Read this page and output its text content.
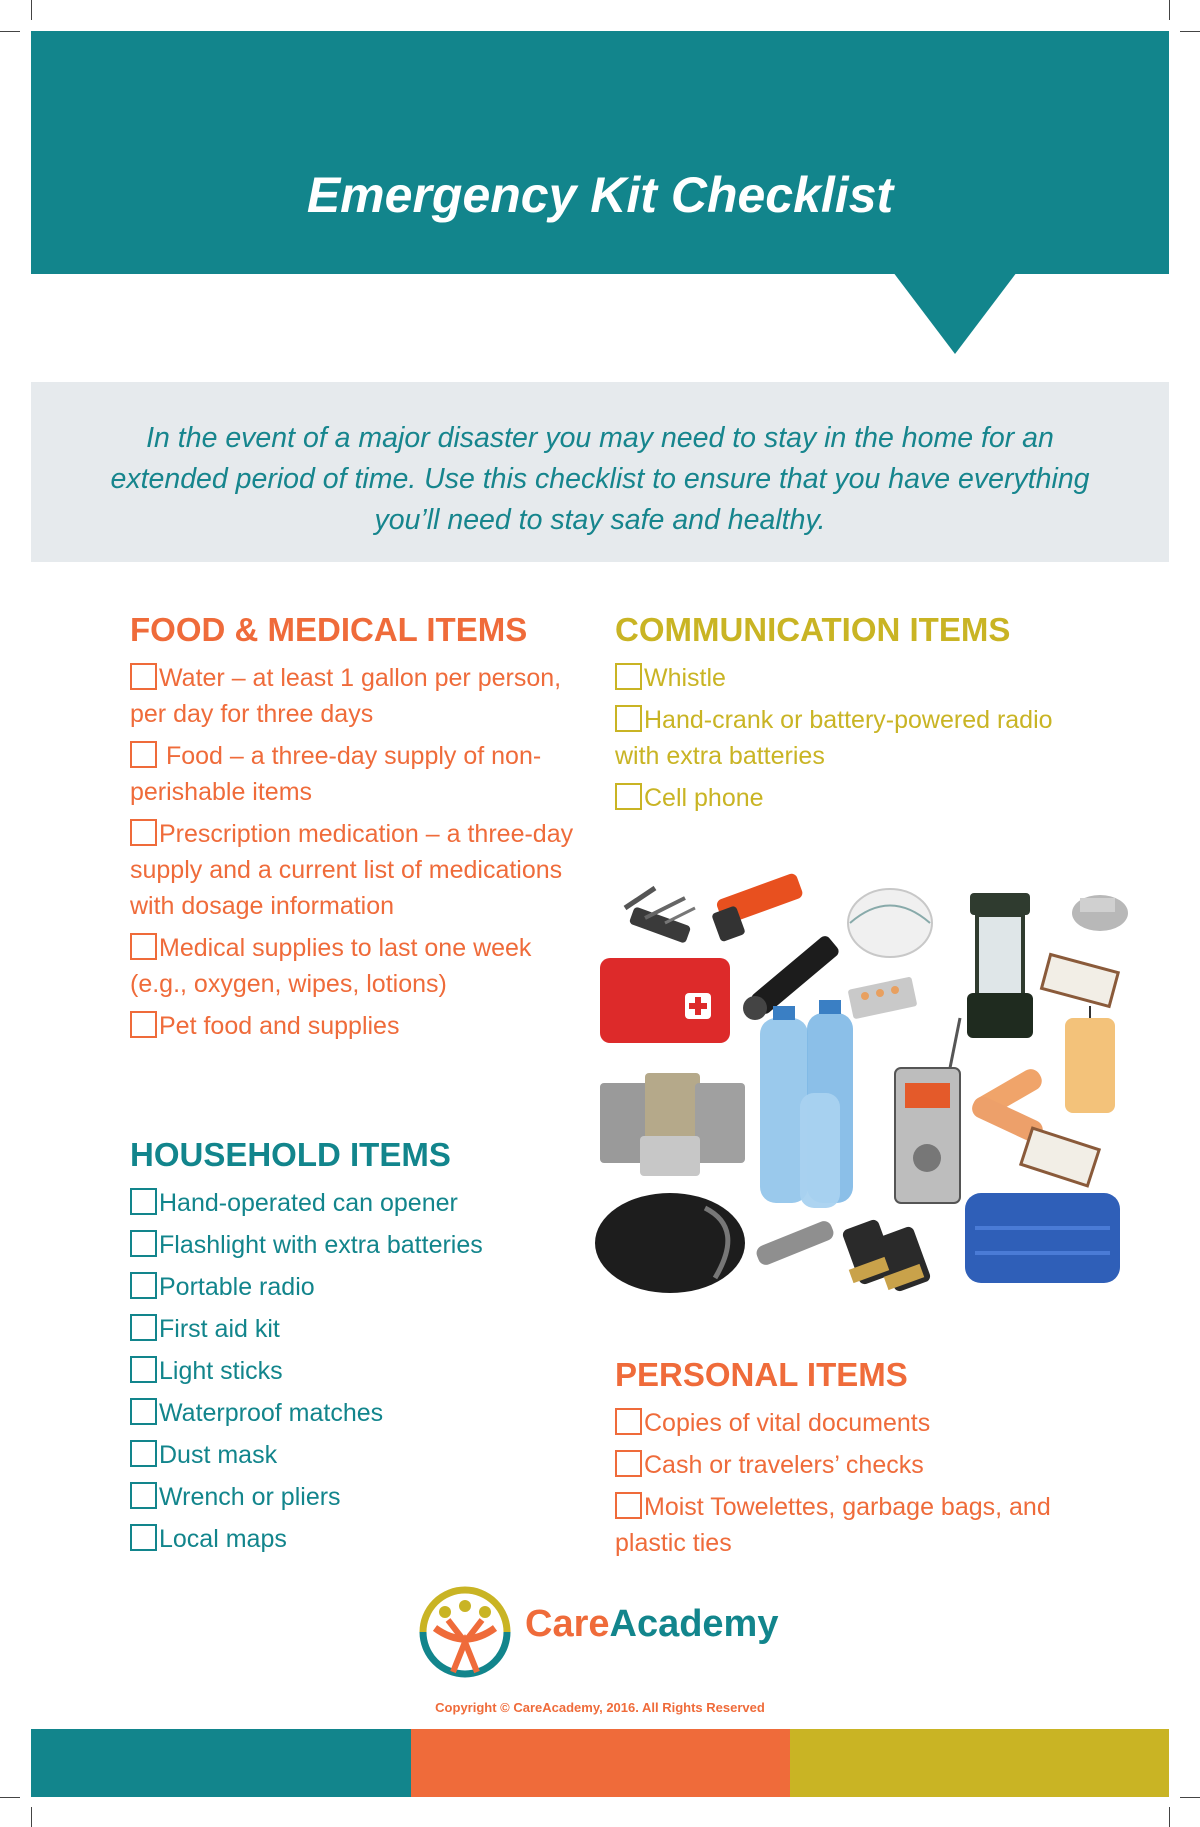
Emergency Kit Checklist

In the event of a major disaster you may need to stay in the home for an extended period of time. Use this checklist to ensure that you have everything you’ll need to stay safe and healthy.

FOOD & MEDICAL ITEMS
Water – at least 1 gallon per person, per day for three days
Food – a three-day supply of non-perishable items
Prescription medication – a three-day supply and a current list of medications with dosage information
Medical supplies to last one week (e.g., oxygen, wipes, lotions)
Pet food and supplies
COMMUNICATION ITEMS
Whistle
Hand-crank or battery-powered radio with extra batteries
Cell phone
HOUSEHOLD ITEMS
Hand-operated can opener
Flashlight with extra batteries
Portable radio
First aid kit
Light sticks
Waterproof matches
Dust mask
Wrench or pliers
Local maps
PERSONAL ITEMS
Copies of vital documents
Cash or travelers’ checks
Moist Towelettes, garbage bags, and plastic ties

CareAcademy

Copyright © CareAcademy, 2016. All Rights Reserved
